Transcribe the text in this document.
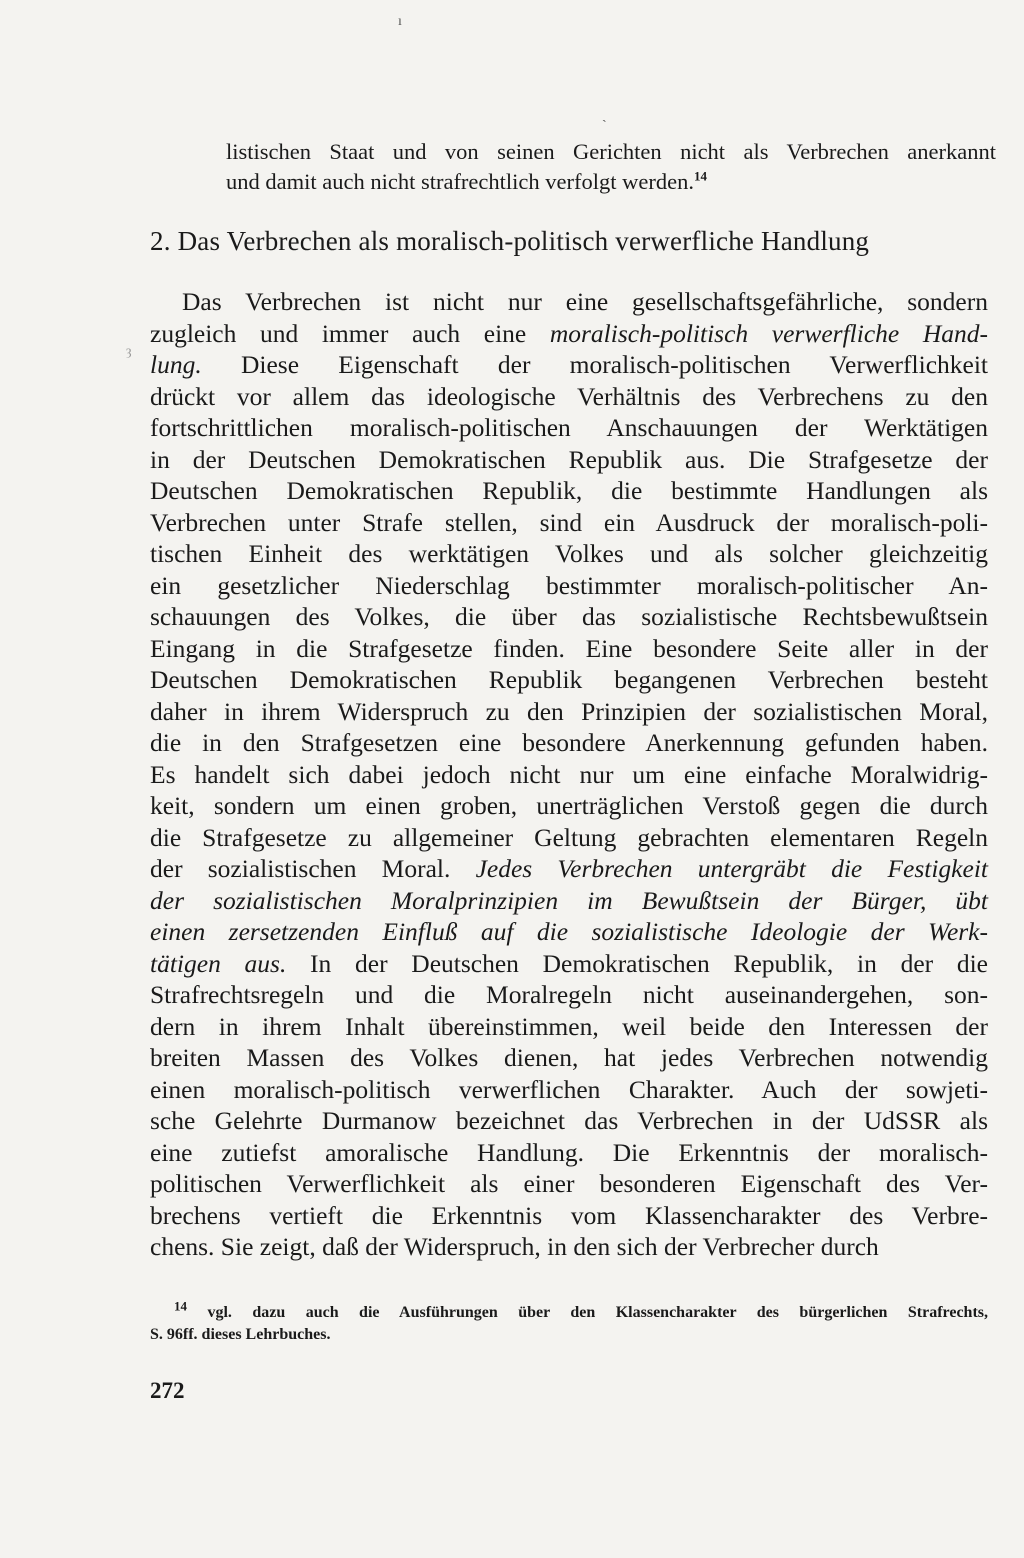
ı
ˏ
ȝ
listischen Staat und von seinen Gerichten nicht als Verbrechen anerkannt
und damit auch nicht strafrechtlich verfolgt werden.$^{14}$
2. Das Verbrechen als moralisch-politisch verwerfliche Handlung
Das Verbrechen ist nicht nur eine gesellschaftsgefährliche, sondern
zugleich und immer auch eine moralisch-politisch verwerfliche Hand-
lung. Diese Eigenschaft der moralisch-politischen Verwerflichkeit
drückt vor allem das ideologische Verhältnis des Verbrechens zu den
fortschrittlichen moralisch-politischen Anschauungen der Werktätigen
in der Deutschen Demokratischen Republik aus. Die Strafgesetze der
Deutschen Demokratischen Republik, die bestimmte Handlungen als
Verbrechen unter Strafe stellen, sind ein Ausdruck der moralisch-poli-
tischen Einheit des werktätigen Volkes und als solcher gleichzeitig
ein gesetzlicher Niederschlag bestimmter moralisch-politischer An-
schauungen des Volkes, die über das sozialistische Rechtsbewußtsein
Eingang in die Strafgesetze finden. Eine besondere Seite aller in der
Deutschen Demokratischen Republik begangenen Verbrechen besteht
daher in ihrem Widerspruch zu den Prinzipien der sozialistischen Moral,
die in den Strafgesetzen eine besondere Anerkennung gefunden haben.
Es handelt sich dabei jedoch nicht nur um eine einfache Moralwidrig-
keit, sondern um einen groben, unerträglichen Verstoß gegen die durch
die Strafgesetze zu allgemeiner Geltung gebrachten elementaren Regeln
der sozialistischen Moral. Jedes Verbrechen untergräbt die Festigkeit
der sozialistischen Moralprinzipien im Bewußtsein der Bürger, übt
einen zersetzenden Einfluß auf die sozialistische Ideologie der Werk-
tätigen aus. In der Deutschen Demokratischen Republik, in der die
Strafrechtsregeln und die Moralregeln nicht auseinandergehen, son-
dern in ihrem Inhalt übereinstimmen, weil beide den Interessen der
breiten Massen des Volkes dienen, hat jedes Verbrechen notwendig
einen moralisch-politisch verwerflichen Charakter. Auch der sowjeti-
sche Gelehrte Durmanow bezeichnet das Verbrechen in der UdSSR als
eine zutiefst amoralische Handlung. Die Erkenntnis der moralisch-
politischen Verwerflichkeit als einer besonderen Eigenschaft des Ver-
brechens vertieft die Erkenntnis vom Klassencharakter des Verbre-
chens. Sie zeigt, daß der Widerspruch, in den sich der Verbrecher durch
$^{14}$ vgl. dazu auch die Ausführungen über den Klassencharakter des bürgerlichen Strafrechts,
S. 96ff. dieses Lehrbuches.
272
